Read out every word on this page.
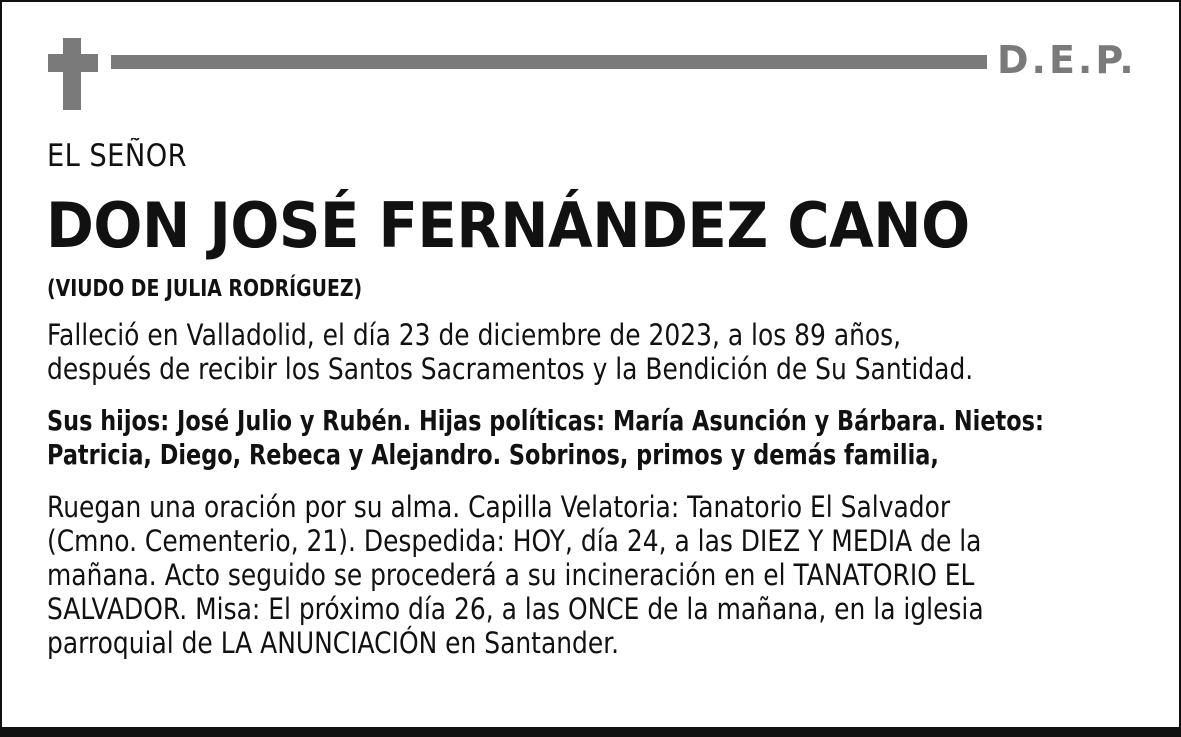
D.E.P.
EL SEÑOR
DON JOSÉ FERNÁNDEZ CANO
(VIUDO DE JULIA RODRÍGUEZ)
Falleció en Valladolid, el día 23 de diciembre de 2023, a los 89 años,
después de recibir los Santos Sacramentos y la Bendición de Su Santidad.
Sus hijos: José Julio y Rubén. Hijas políticas: María Asunción y Bárbara. Nietos:
Patricia, Diego, Rebeca y Alejandro. Sobrinos, primos y demás familia,
Ruegan una oración por su alma. Capilla Velatoria: Tanatorio El Salvador
(Cmno. Cementerio, 21). Despedida: HOY, día 24, a las DIEZ Y MEDIA de la
mañana. Acto seguido se procederá a su incineración en el TANATORIO EL
SALVADOR. Misa: El próximo día 26, a las ONCE de la mañana, en la iglesia
parroquial de LA ANUNCIACIÓN en Santander.
